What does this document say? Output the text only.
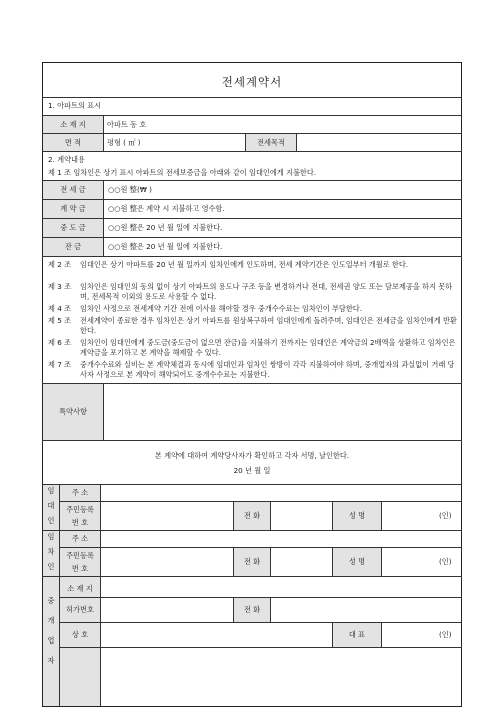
전세계약서
1. 아파트의 표시
소 재 지	아파트 동 호
면 적	평형 ( ㎡ )	전세목적
2. 계약내용
제 1 조 임차인은 상기 표시 아파트의 전세보증금을 아래와 같이 임대인에게 지불한다.
전 세 금	○○원 整(₩ )
계 약 금	○○원 整은 계약 시 지불하고 영수함.
중 도 금	○○원 整은 20 년 월 일에 지불한다.
잔 금	○○원 整은 20 년 월 일에 지불한다.
제 2 조 임대인은 상기 아파트를 20 년 월 일까지 임차인에게 인도하며, 전세 계약기간은 인도일부터 개월로 한다.
제 3 조 임차인은 임대인의 동의 없이 상기 아파트의 용도나 구조 등을 변경하거나 전대, 전세권 양도 또는 담보제공을 하지 못하며, 전세목적 이외의 용도로 사용할 수 없다.
제 4 조 임차인 사정으로 전세계약 기간 전에 이사를 해야할 경우 중개수수료는 임차인이 부담한다.
제 5 조 전세계약이 종료한 경우 임차인은 상기 아파트를 원상복구하여 임대인에게 돌려주며, 임대인은 전세금을 임차인에게 반환한다.
제 6 조 임차인이 임대인에게 중도금(중도금이 없으면 잔금)을 지불하기 전까지는 임대인은 계약금의 2배액을 상환하고 임차인은 계약금을 포기하고 본 계약을 해제할 수 있다.
제 7 조 중개수수료와 실비는 본 계약체결과 동시에 임대인과 임차인 쌍방이 각각 지불하여야 하며, 중개업자의 과실없이 거래 당사자 사정으로 본 계약이 해약되어도 중개수수료는 지불한다.
특약사항
본 계약에 대하여 계약당사자가 확인하고 각자 서명, 날인한다.
20 년 월 일
임
대
인
주 소
주민등록
번 호
전 화	성 명	(인)
임
차
인
주 소
주민등록
번 호
전 화	성 명	(인)
중
개
업
자
소 재 지
허가번호	전 화
상 호	대 표	(인)
